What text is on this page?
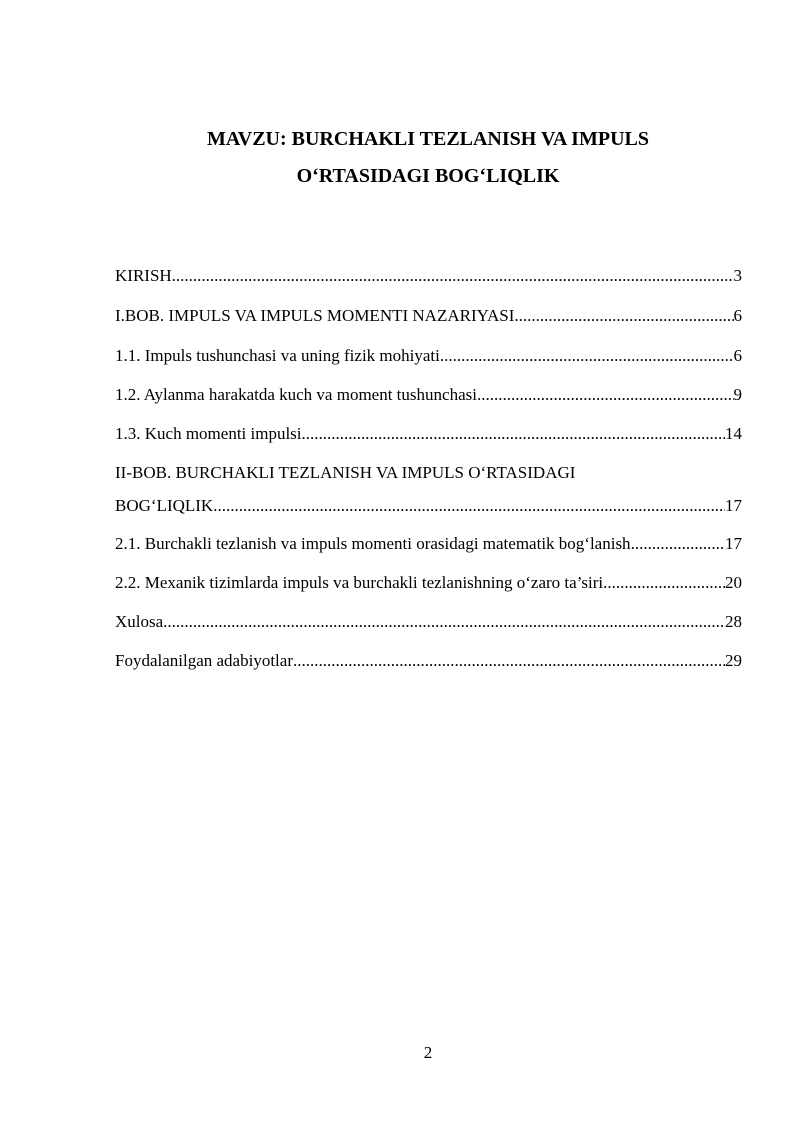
MAVZU: BURCHAKLI TEZLANISH VA IMPULS
O‘RTASIDAGI BOG‘LIQLIK
KIRISH .....	3
I.BOB. IMPULS VA IMPULS MOMENTI NAZARIYASI .....	6
1.1. Impuls tushunchasi va uning fizik mohiyati .....	6
1.2. Aylanma harakatda kuch va moment tushunchasi .....	9
1.3. Kuch momenti impulsi .....	14
II-BOB. BURCHAKLI TEZLANISH VA IMPULS O‘RTASIDAGI
BOG‘LIQLIK .....	17
2.1. Burchakli tezlanish va impuls momenti orasidagi matematik bog‘lanish .....	17
2.2. Mexanik tizimlarda impuls va burchakli tezlanishning o‘zaro ta’siri .....	20
Xulosa .....	28
Foydalanilgan adabiyotlar .....	29
2
